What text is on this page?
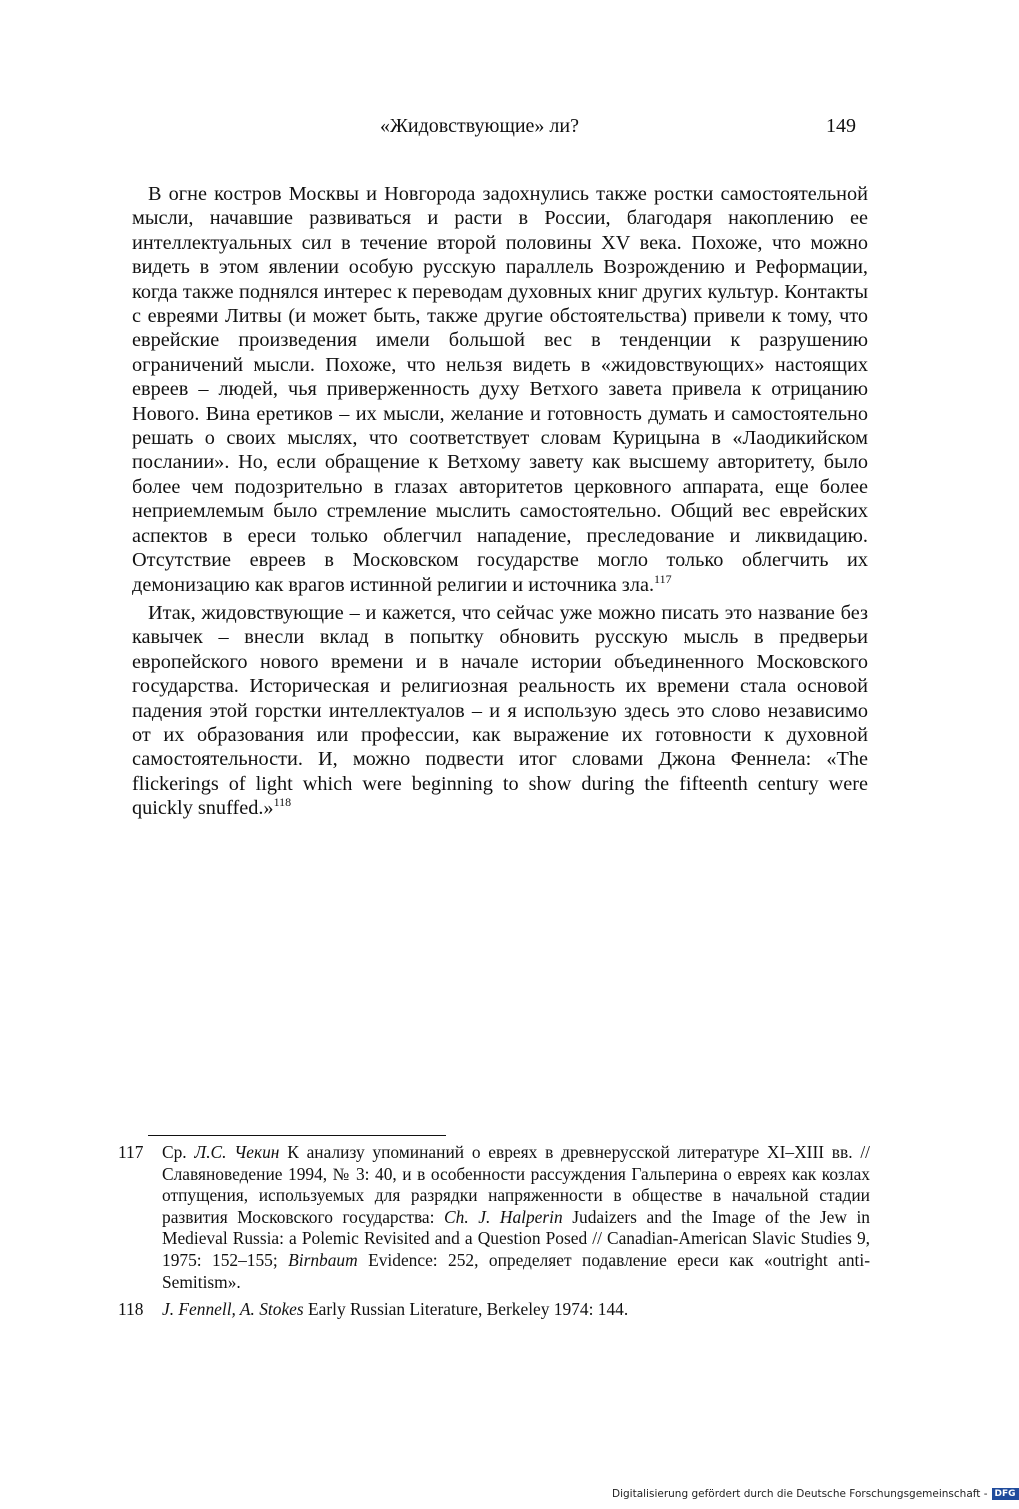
«Жидовствующие» ли?	149

В огне костров Москвы и Новгорода задохнулись также ростки самостоятельной мысли, начавшие развиваться и расти в России, благодаря накоплению ее интеллектуальных сил в течение второй половины XV века. Похоже, что можно видеть в этом явлении особую русскую параллель Возрождению и Реформации, когда также поднялся интерес к переводам духовных книг других культур. Контакты с евреями Литвы (и может быть, также другие обстоятельства) привели к тому, что еврейские произведения имели большой вес в тенденции к разрушению ограничений мысли. Похоже, что нельзя видеть в «жидовствующих» настоящих евреев – людей, чья приверженность духу Ветхого завета привела к отрицанию Нового. Вина еретиков – их мысли, желание и готовность думать и самостоятельно решать о своих мыслях, что соответствует словам Курицына в «Лаодикийском послании». Но, если обращение к Ветхому завету как высшему авторитету, было более чем подозрительно в глазах авторитетов церковного аппарата, еще более неприемлемым было стремление мыслить самостоятельно. Общий вес еврейских аспектов в ереси только облегчил нападение, преследование и ликвидацию. Отсутствие евреев в Московском государстве могло только облегчить их демонизацию как врагов истинной религии и источника зла.$^{117}$

Итак, жидовствующие – и кажется, что сейчас уже можно писать это название без кавычек – внесли вклад в попытку обновить русскую мысль в предверьи европейского нового времени и в начале истории объединенного Московского государства. Историческая и религиозная реальность их времени стала основой падения этой горстки интеллектуалов – и я использую здесь это слово независимо от их образования или профессии, как выражение их готовности к духовной самостоятельности. И, можно подвести итог словами Джона Феннела: «The flickerings of light which were beginning to show during the fifteenth century were quickly snuffed.»$^{118}$

117 Ср. Л.С. Чекин К анализу упоминаний о евреях в древнерусской литературе XI–XIII вв. // Славяноведение 1994, № 3: 40, и в особенности рассуждения Гальперина о евреях как козлах отпущения, используемых для разрядки напряженности в обществе в начальной стадии развития Московского государства: Ch. J. Halperin Judaizers and the Image of the Jew in Medieval Russia: a Polemic Revisited and a Question Posed // Canadian-American Slavic Studies 9, 1975: 152–155; Birnbaum Evidence: 252, определяет подавление ереси как «outright anti-Semitism».
118 J. Fennell, A. Stokes Early Russian Literature, Berkeley 1974: 144.
Digitalisierung gefördert durch die Deutsche Forschungsgemeinschaft - DFG
